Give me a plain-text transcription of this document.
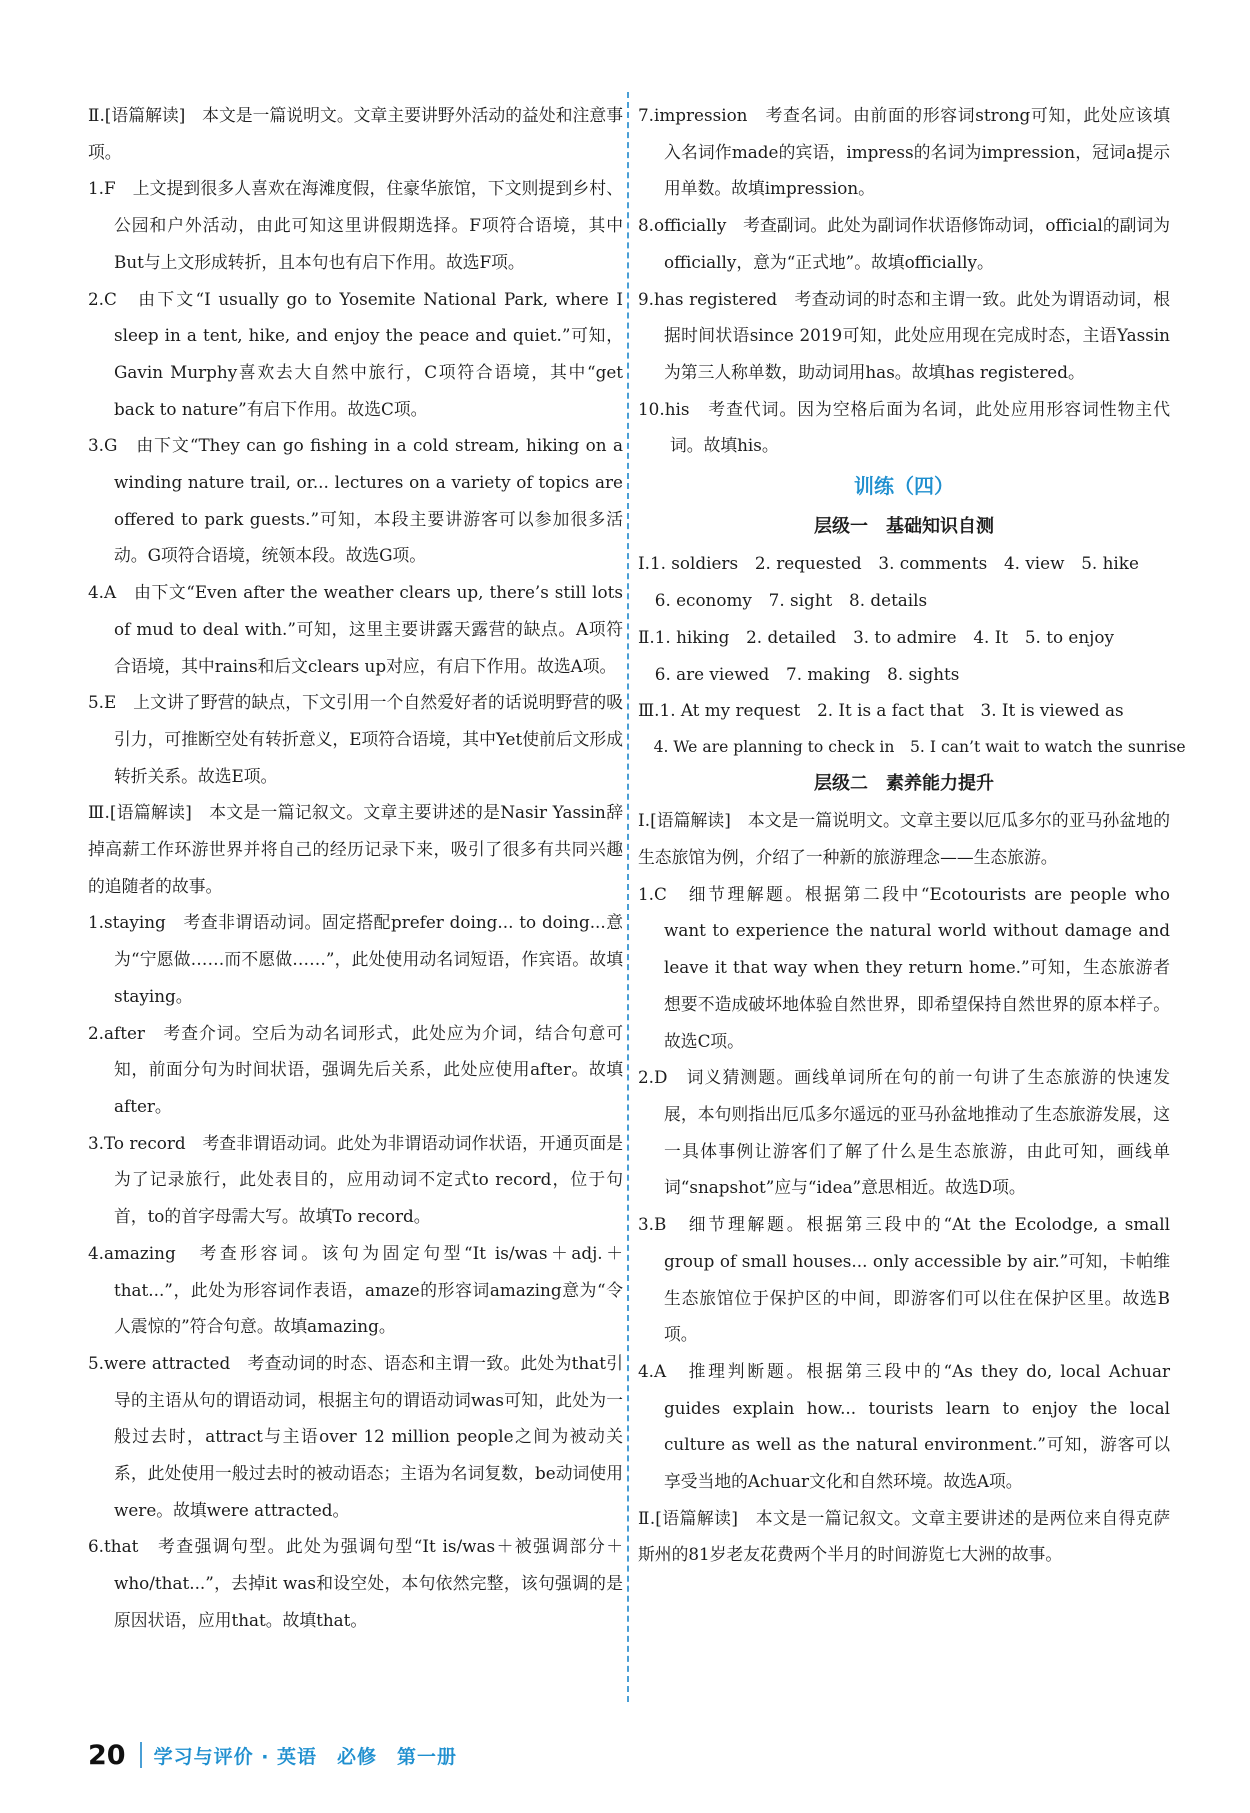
Ⅱ.[语篇解读]　本文是一篇说明文。文章主要讲野外活动的益处和注意事项。

1.F　上文提到很多人喜欢在海滩度假，住豪华旅馆，下文则提到乡村、公园和户外活动，由此可知这里讲假期选择。F项符合语境，其中But与上文形成转折，且本句也有启下作用。故选F项。

2.C　由下文“I usually go to Yosemite National Park, where I sleep in a tent, hike, and enjoy the peace and quiet.”可知，Gavin Murphy喜欢去大自然中旅行，C项符合语境，其中“get back to nature”有启下作用。故选C项。

3.G　由下文“They can go fishing in a cold stream, hiking on a winding nature trail, or... lectures on a variety of topics are offered to park guests.”可知，本段主要讲游客可以参加很多活动。G项符合语境，统领本段。故选G项。

4.A　由下文“Even after the weather clears up, there’s still lots of mud to deal with.”可知，这里主要讲露天露营的缺点。A项符合语境，其中rains和后文clears up对应，有启下作用。故选A项。

5.E　上文讲了野营的缺点，下文引用一个自然爱好者的话说明野营的吸引力，可推断空处有转折意义，E项符合语境，其中Yet使前后文形成转折关系。故选E项。

Ⅲ.[语篇解读]　本文是一篇记叙文。文章主要讲述的是Nasir Yassin辞掉高薪工作环游世界并将自己的经历记录下来，吸引了很多有共同兴趣的追随者的故事。

1.staying　考查非谓语动词。固定搭配prefer doing... to doing...意为“宁愿做……而不愿做……”，此处使用动名词短语，作宾语。故填staying。

2.after　考查介词。空后为动名词形式，此处应为介词，结合句意可知，前面分句为时间状语，强调先后关系，此处应使用after。故填after。

3.To record　考查非谓语动词。此处为非谓语动词作状语，开通页面是为了记录旅行，此处表目的，应用动词不定式to record，位于句首，to的首字母需大写。故填To record。

4.amazing　考查形容词。该句为固定句型“It is/was＋adj.＋that...”，此处为形容词作表语，amaze的形容词amazing意为“令人震惊的”符合句意。故填amazing。

5.were attracted　考查动词的时态、语态和主谓一致。此处为that引导的主语从句的谓语动词，根据主句的谓语动词was可知，此处为一般过去时，attract与主语over 12 million people之间为被动关系，此处使用一般过去时的被动语态；主语为名词复数，be动词使用were。故填were attracted。

6.that　考查强调句型。此处为强调句型“It is/was＋被强调部分＋who/that...”，去掉it was和设空处，本句依然完整，该句强调的是原因状语，应用that。故填that。

7.impression　考查名词。由前面的形容词strong可知，此处应该填入名词作made的宾语，impress的名词为impression，冠词a提示用单数。故填impression。

8.officially　考查副词。此处为副词作状语修饰动词，official的副词为officially，意为“正式地”。故填officially。

9.has registered　考查动词的时态和主谓一致。此处为谓语动词，根据时间状语since 2019可知，此处应用现在完成时态，主语Yassin为第三人称单数，助动词用has。故填has registered。

10.his　考查代词。因为空格后面为名词，此处应用形容词性物主代词。故填his。

训练（四）

层级一　基础知识自测

Ⅰ.1. soldiers　2. requested　3. comments　4. view　5. hike

　6. economy　7. sight　8. details

Ⅱ.1. hiking　2. detailed　3. to admire　4. It　5. to enjoy

　6. are viewed　7. making　8. sights

Ⅲ.1. At my request　2. It is a fact that　3. It is viewed as

　4. We are planning to check in　5. I can’t wait to watch the sunrise

层级二　素养能力提升

Ⅰ.[语篇解读]　本文是一篇说明文。文章主要以厄瓜多尔的亚马孙盆地的生态旅馆为例，介绍了一种新的旅游理念——生态旅游。

1.C　细节理解题。根据第二段中“Ecotourists are people who want to experience the natural world without damage and leave it that way when they return home.”可知，生态旅游者想要不造成破坏地体验自然世界，即希望保持自然世界的原本样子。故选C项。

2.D　词义猜测题。画线单词所在句的前一句讲了生态旅游的快速发展，本句则指出厄瓜多尔遥远的亚马孙盆地推动了生态旅游发展，这一具体事例让游客们了解了什么是生态旅游，由此可知，画线单词“snapshot”应与“idea”意思相近。故选D项。

3.B　细节理解题。根据第三段中的“At the Ecolodge, a small group of small houses... only accessible by air.”可知，卡帕维生态旅馆位于保护区的中间，即游客们可以住在保护区里。故选B项。

4.A　推理判断题。根据第三段中的“As they do, local Achuar guides explain how... tourists learn to enjoy the local culture as well as the natural environment.”可知，游客可以享受当地的Achuar文化和自然环境。故选A项。

Ⅱ.[语篇解读]　本文是一篇记叙文。文章主要讲述的是两位来自得克萨斯州的81岁老友花费两个半月的时间游览七大洲的故事。

20 学习与评价 · 英语　必修　第一册
